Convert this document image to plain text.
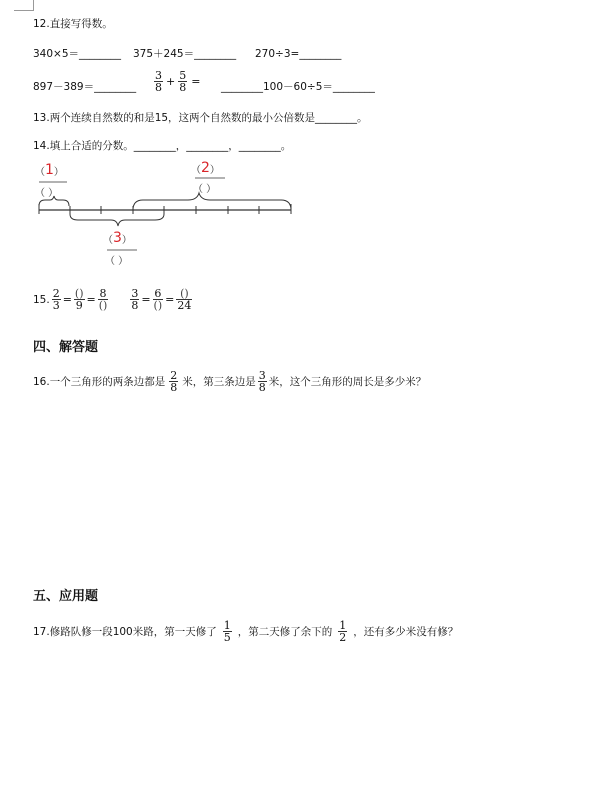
12.直接写得数。
340×5＝________ 375＋245＝________ 270÷3=________
897－389＝________ $\frac{3}{8} + \frac{5}{8}$ = ________100－60÷5＝________
13.两个连续自然数的和是15，这两个自然数的最小公倍数是________。
14.填上合适的分数。________，________，________。
（ 1 ）
（ ）
（ 2 ）
（ ）
（ 3 ）
（ ）
15. $\frac{2}{3} = \frac{()}{9} = \frac{8}{()} \frac{3}{8} = \frac{6}{()} = \frac{()}{24}$
四、解答题
16.一个三角形的两条边都是 $\frac{2}{8}$ 米，第三条边是 $\frac{3}{8}$ 米，这个三角形的周长是多少米？
五、应用题
17.修路队修一段100米路，第一天修了 $\frac{1}{5}$ ，第二天修了余下的 $\frac{1}{2}$ ，还有多少米没有修？
